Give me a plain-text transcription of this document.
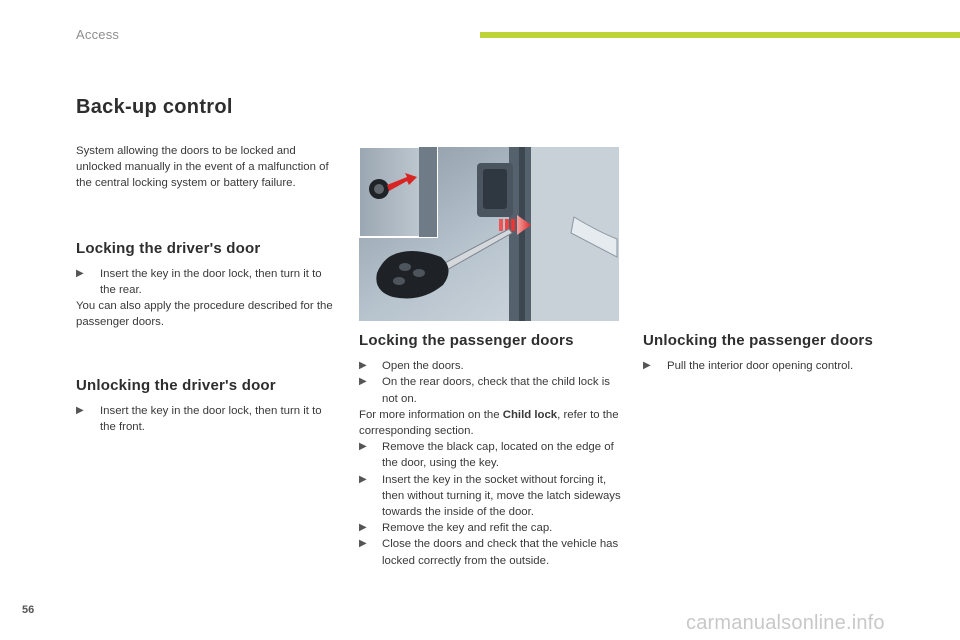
Access
Back-up control

System allowing the doors to be locked and unlocked manually in the event of a malfunction of the central locking system or battery failure.

Locking the driver's door

▶ Insert the key in the door lock, then turn it to the rear.

You can also apply the procedure described for the passenger doors.

Unlocking the driver's door

▶ Insert the key in the door lock, then turn it to the front.

Locking the passenger doors

▶ Open the doors.

▶ On the rear doors, check that the child lock is not on.

For more information on the Child lock, refer to the corresponding section.

▶ Remove the black cap, located on the edge of the door, using the key.

▶ Insert the key in the socket without forcing it, then without turning it, move the latch sideways towards the inside of the door.

▶ Remove the key and refit the cap.

▶ Close the doors and check that the vehicle has locked correctly from the outside.

Unlocking the passenger doors

▶ Pull the interior door opening control.

56
carmanualsonline.info
